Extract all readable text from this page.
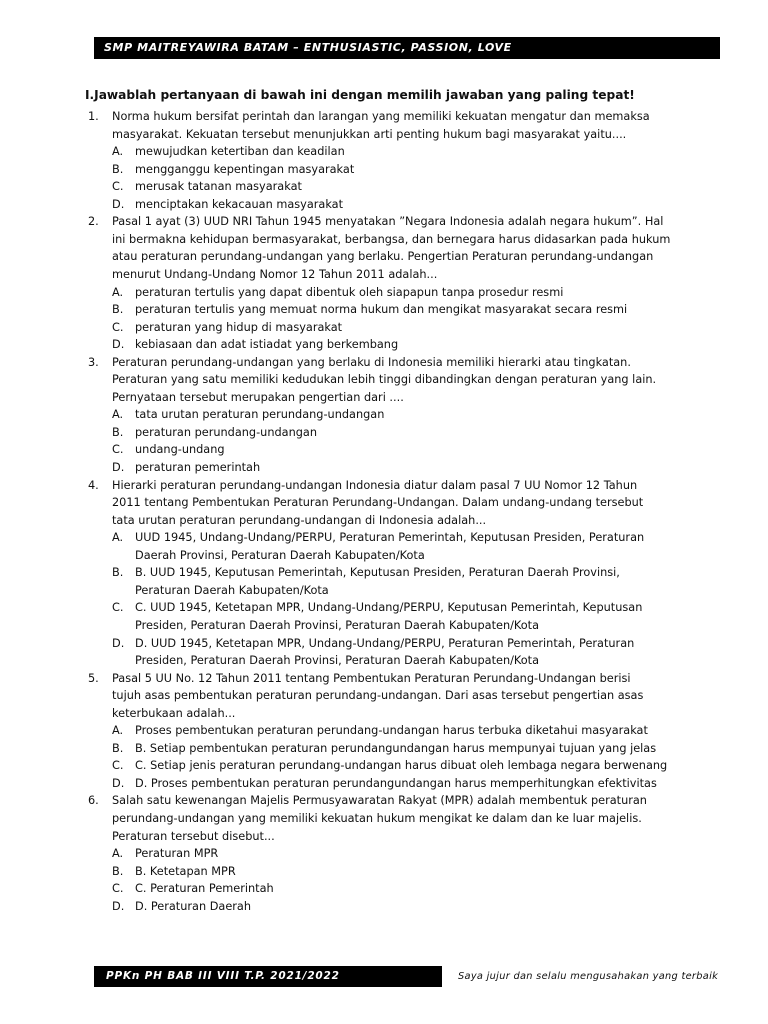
SMP MAITREYAWIRA BATAM – ENTHUSIASTIC, PASSION, LOVE
I.Jawablah pertanyaan di bawah ini dengan memilih jawaban yang paling tepat!
1. Norma hukum bersifat perintah dan larangan yang memiliki kekuatan mengatur dan memaksa
masyarakat. Kekuatan tersebut menunjukkan arti penting hukum bagi masyarakat yaitu....
A. mewujudkan ketertiban dan keadilan
B. mengganggu kepentingan masyarakat
C. merusak tatanan masyarakat
D. menciptakan kekacauan masyarakat
2. Pasal 1 ayat (3) UUD NRI Tahun 1945 menyatakan ”Negara Indonesia adalah negara hukum”. Hal
ini bermakna kehidupan bermasyarakat, berbangsa, dan bernegara harus didasarkan pada hukum
atau peraturan perundang-undangan yang berlaku. Pengertian Peraturan perundang-undangan
menurut Undang-Undang Nomor 12 Tahun 2011 adalah...
A. peraturan tertulis yang dapat dibentuk oleh siapapun tanpa prosedur resmi
B. peraturan tertulis yang memuat norma hukum dan mengikat masyarakat secara resmi
C. peraturan yang hidup di masyarakat
D. kebiasaan dan adat istiadat yang berkembang
3. Peraturan perundang-undangan yang berlaku di Indonesia memiliki hierarki atau tingkatan.
Peraturan yang satu memiliki kedudukan lebih tinggi dibandingkan dengan peraturan yang lain.
Pernyataan tersebut merupakan pengertian dari ....
A. tata urutan peraturan perundang-undangan
B. peraturan perundang-undangan
C. undang-undang
D. peraturan pemerintah
4. Hierarki peraturan perundang-undangan Indonesia diatur dalam pasal 7 UU Nomor 12 Tahun
2011 tentang Pembentukan Peraturan Perundang-Undangan. Dalam undang-undang tersebut
tata urutan peraturan perundang-undangan di Indonesia adalah...
A. UUD 1945, Undang-Undang/PERPU, Peraturan Pemerintah, Keputusan Presiden, Peraturan
Daerah Provinsi, Peraturan Daerah Kabupaten/Kota
B. B. UUD 1945, Keputusan Pemerintah, Keputusan Presiden, Peraturan Daerah Provinsi,
Peraturan Daerah Kabupaten/Kota
C. C. UUD 1945, Ketetapan MPR, Undang-Undang/PERPU, Keputusan Pemerintah, Keputusan
Presiden, Peraturan Daerah Provinsi, Peraturan Daerah Kabupaten/Kota
D. D. UUD 1945, Ketetapan MPR, Undang-Undang/PERPU, Peraturan Pemerintah, Peraturan
Presiden, Peraturan Daerah Provinsi, Peraturan Daerah Kabupaten/Kota
5. Pasal 5 UU No. 12 Tahun 2011 tentang Pembentukan Peraturan Perundang-Undangan berisi
tujuh asas pembentukan peraturan perundang-undangan. Dari asas tersebut pengertian asas
keterbukaan adalah...
A. Proses pembentukan peraturan perundang-undangan harus terbuka diketahui masyarakat
B. B. Setiap pembentukan peraturan perundangundangan harus mempunyai tujuan yang jelas
C. C. Setiap jenis peraturan perundang-undangan harus dibuat oleh lembaga negara berwenang
D. D. Proses pembentukan peraturan perundangundangan harus memperhitungkan efektivitas
6. Salah satu kewenangan Majelis Permusyawaratan Rakyat (MPR) adalah membentuk peraturan
perundang-undangan yang memiliki kekuatan hukum mengikat ke dalam dan ke luar majelis.
Peraturan tersebut disebut...
A. Peraturan MPR
B. B. Ketetapan MPR
C. C. Peraturan Pemerintah
D. D. Peraturan Daerah
PPKn PH BAB III VIII T.P. 2021/2022	Saya jujur dan selalu mengusahakan yang terbaik
